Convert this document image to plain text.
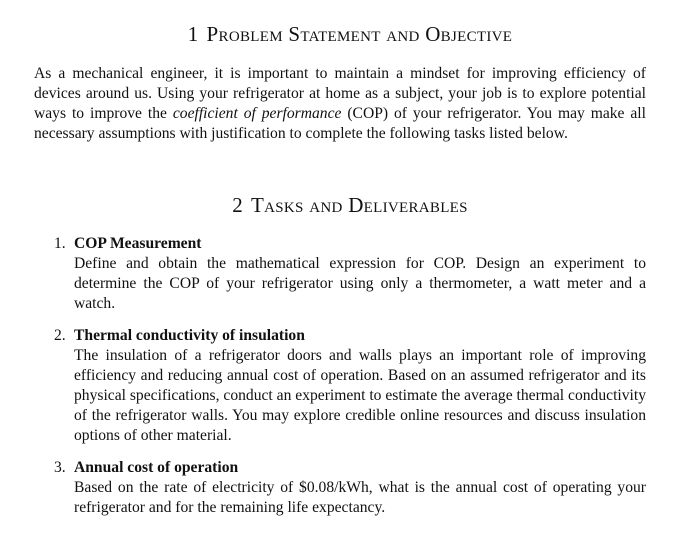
1 Problem Statement and Objective

As a mechanical engineer, it is important to maintain a mindset for improving efficiency of devices around us. Using your refrigerator at home as a subject, your job is to explore potential ways to improve the coefficient of performance (COP) of your refrigerator. You may make all necessary assumptions with justification to complete the following tasks listed below.

2 Tasks and Deliverables
1. COP Measurement
Define and obtain the mathematical expression for COP. Design an experiment to determine the COP of your refrigerator using only a thermometer, a watt meter and a watch.
2. Thermal conductivity of insulation
The insulation of a refrigerator doors and walls plays an important role of improving efficiency and reducing annual cost of operation. Based on an assumed refrigerator and its physical specifications, conduct an experiment to estimate the average thermal conductivity of the refrigerator walls. You may explore credible online resources and discuss insulation options of other material.
3. Annual cost of operation
Based on the rate of electricity of $0.08/kWh, what is the annual cost of operating your refrigerator and for the remaining life expectancy.
